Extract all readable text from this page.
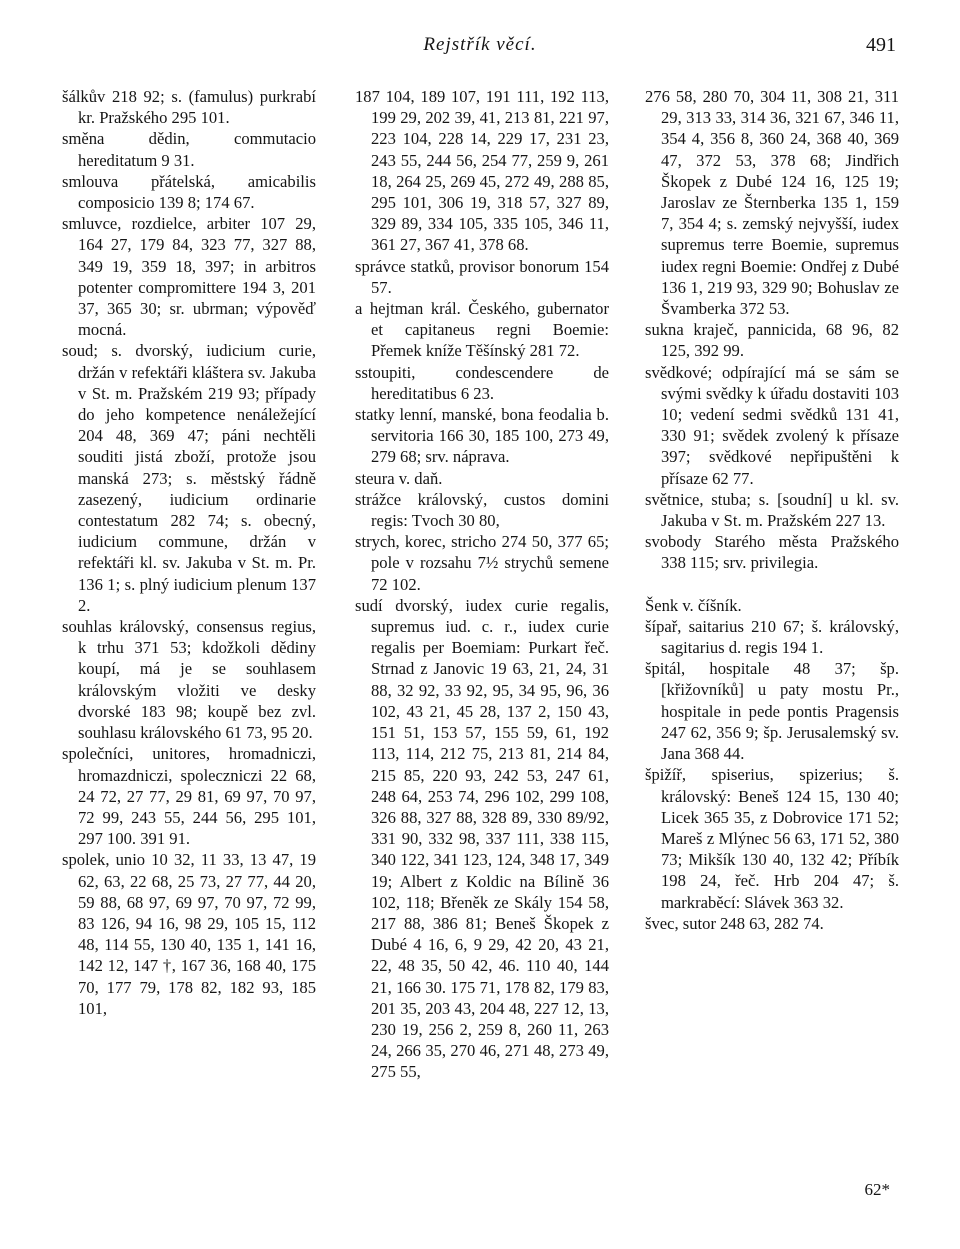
Rejstřík věcí.	491

šálkův 218 92; s. (famulus) purkrabí kr. Pražského 295 101.

směna dědin, commutacio hereditatum 9 31.

smlouva přátelská, amicabilis composicio 139 8; 174 67.

smluvce, rozdielce, arbiter 107 29, 164 27, 179 84, 323 77, 327 88, 349 19, 359 18, 397; in arbitros potenter compromittere 194 3, 201 37, 365 30; sr. ubrman; výpověď mocná.

soud; s. dvorský, iudicium curie, držán v refektáři kláštera sv. Jakuba v St. m. Pražském 219 93; případy do jeho kompetence nenáležející 204 48, 369 47; páni nechtěli souditi jistá zboží, protože jsou manská 273; s. městský řádně zasezený, iudicium ordinarie contestatum 282 74; s. obecný, iudicium commune, držán v refektáři kl. sv. Jakuba v St. m. Pr. 136 1; s. plný iudicium plenum 137 2.

souhlas královský, consensus regius, k trhu 371 53; kdožkoli dědiny koupí, má je se souhlasem královským vložiti ve desky dvorské 183 98; koupě bez zvl. souhlasu královského 61 73, 95 20.

společníci, unitores, hromadniczi, hromazdniczi, spoleczniczi 22 68, 24 72, 27 77, 29 81, 69 97, 70 97, 72 99, 243 55, 244 56, 295 101, 297 100. 391 91.

spolek, unio 10 32, 11 33, 13 47, 19 62, 63, 22 68, 25 73, 27 77, 44 20, 59 88, 68 97, 69 97, 70 97, 72 99, 83 126, 94 16, 98 29, 105 15, 112 48, 114 55, 130 40, 135 1, 141 16, 142 12, 147 †, 167 36, 168 40, 175 70, 177 79, 178 82, 182 93, 185 101,

187 104, 189 107, 191 111, 192 113, 199 29, 202 39, 41, 213 81, 221 97, 223 104, 228 14, 229 17, 231 23, 243 55, 244 56, 254 77, 259 9, 261 18, 264 25, 269 45, 272 49, 288 85, 295 101, 306 19, 318 57, 327 89, 329 89, 334 105, 335 105, 346 11, 361 27, 367 41, 378 68.

správce statků, provisor bonorum 154 57.

a hejtman král. Českého, gubernator et capitaneus regni Boemie: Přemek kníže Těšínský 281 72.

sstoupiti, condescendere de hereditatibus 6 23.

statky lenní, manské, bona feodalia b. servitoria 166 30, 185 100, 273 49, 279 68; srv. náprava.

steura v. daň.

strážce královský, custos domini regis: Tvoch 30 80,

strych, korec, stricho 274 50, 377 65; pole v rozsahu 7½ strychů semene 72 102.

sudí dvorský, iudex curie regalis, supremus iud. c. r., iudex curie regalis per Boemiam: Purkart řeč. Strnad z Janovic 19 63, 21, 24, 31 88, 32 92, 33 92, 95, 34 95, 96, 36 102, 43 21, 45 28, 137 2, 150 43, 151 51, 153 57, 155 59, 61, 192 113, 114, 212 75, 213 81, 214 84, 215 85, 220 93, 242 53, 247 61, 248 64, 253 74, 296 102, 299 108, 326 88, 327 88, 328 89, 330 89/92, 331 90, 332 98, 337 111, 338 115, 340 122, 341 123, 124, 348 17, 349 19; Albert z Koldic na Bílině 36 102, 118; Břeněk ze Skály 154 58, 217 88, 386 81; Beneš Škopek z Dubé 4 16, 6, 9 29, 42 20, 43 21, 22, 48 35, 50 42, 46. 110 40, 144 21, 166 30. 175 71, 178 82, 179 83, 201 35, 203 43, 204 48, 227 12, 13, 230 19, 256 2, 259 8, 260 11, 263 24, 266 35, 270 46, 271 48, 273 49, 275 55,

276 58, 280 70, 304 11, 308 21, 311 29, 313 33, 314 36, 321 67, 346 11, 354 4, 356 8, 360 24, 368 40, 369 47, 372 53, 378 68; Jindřich Škopek z Dubé 124 16, 125 19; Jaroslav ze Šternberka 135 1, 159 7, 354 4; s. zemský nejvyšší, iudex supremus terre Boemie, supremus iudex regni Boemie: Ondřej z Dubé 136 1, 219 93, 329 90; Bohuslav ze Švamberka 372 53.

sukna kraječ, pannicida, 68 96, 82 125, 392 99.

svědkové; odpírající má se sám se svými svědky k úřadu dostaviti 103 10; vedení sedmi svědků 131 41, 330 91; svědek zvolený k přísaze 397; svědkové nepřipuštěni k přísaze 62 77.

světnice, stuba; s. [soudní] u kl. sv. Jakuba v St. m. Pražském 227 13.

svobody Starého města Pražského 338 115; srv. privilegia.

Šenk v. číšník.

šípař, saitarius 210 67; š. královský, sagitarius d. regis 194 1.

špitál, hospitale 48 37; šp. [křižovníků] u paty mostu Pr., hospitale in pede pontis Pragensis 247 62, 356 9; šp. Jerusalemský sv. Jana 368 44.

špižíř, spiserius, spizerius; š. královský: Beneš 124 15, 130 40; Licek 365 35, z Dobrovice 171 52; Mareš z Mlýnec 56 63, 171 52, 380 73; Mikšík 130 40, 132 42; Příbík 198 24, řeč. Hrb 204 47; š. markraběcí: Slávek 363 32.

švec, sutor 248 63, 282 74.

62*
